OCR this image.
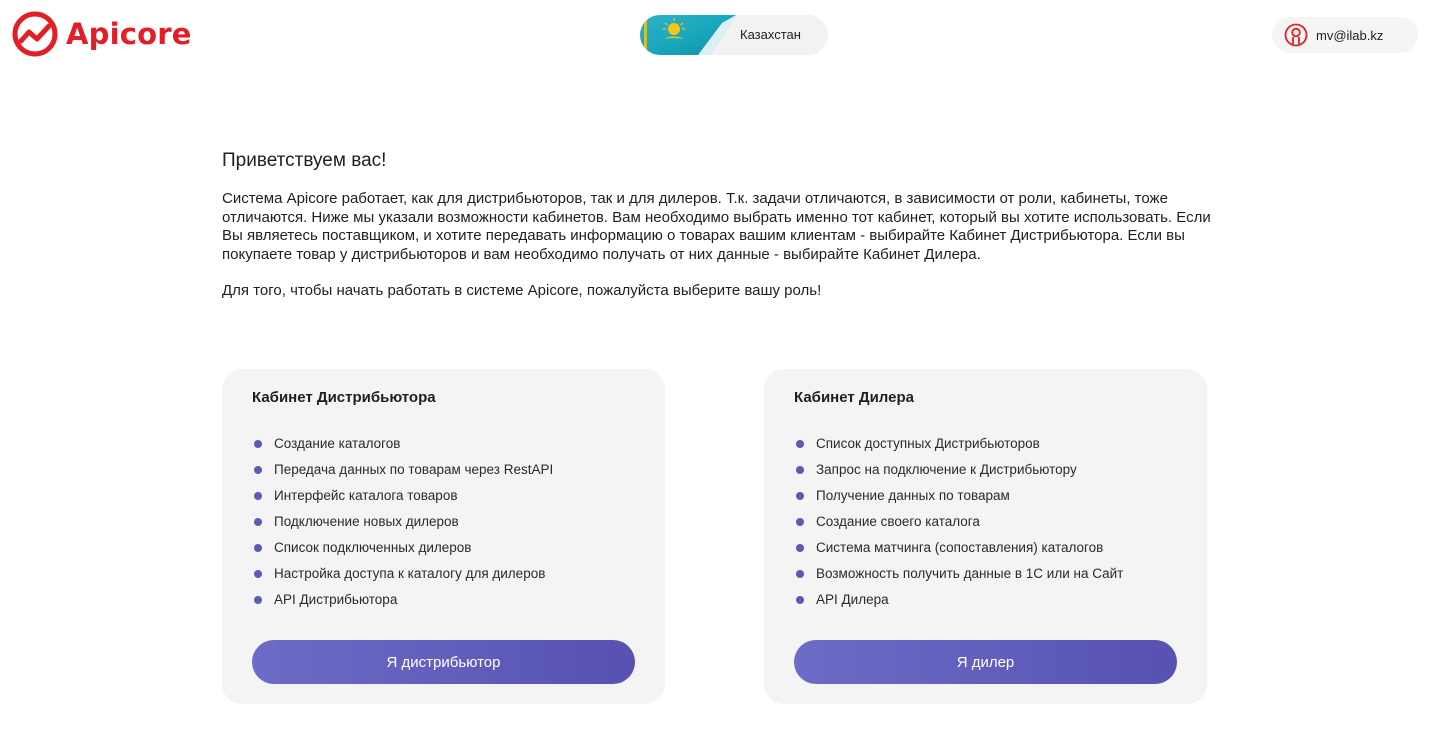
Apicore	Казахстан	mv@ilab.kz
Приветствуем вас!

Система Apicore работает, как для дистрибьюторов, так и для дилеров. Т.к. задачи отличаются, в зависимости от роли, кабинеты, тоже отличаются. Ниже мы указали возможности кабинетов. Вам необходимо выбрать именно тот кабинет, который вы хотите использовать. Если Вы являетесь поставщиком, и хотите передавать информацию о товарах вашим клиентам - выбирайте Кабинет Дистрибьютора. Если вы покупаете товар у дистрибьюторов и вам необходимо получать от них данные - выбирайте Кабинет Дилера.

Для того, чтобы начать работать в системе Apicore, пожалуйста выберите вашу роль!

Кабинет Дистрибьютора
Создание каталогов
Передача данных по товарам через RestAPI
Интерфейс каталога товаров
Подключение новых дилеров
Список подключенных дилеров
Настройка доступа к каталогу для дилеров
API Дистрибьютора
Я дистрибьютор
Кабинет Дилера
Список доступных Дистрибьюторов
Запрос на подключение к Дистрибьютору
Получение данных по товарам
Создание своего каталога
Система матчинга (сопоставления) каталогов
Возможность получить данные в 1С или на Сайт
API Дилера
Я дилер
